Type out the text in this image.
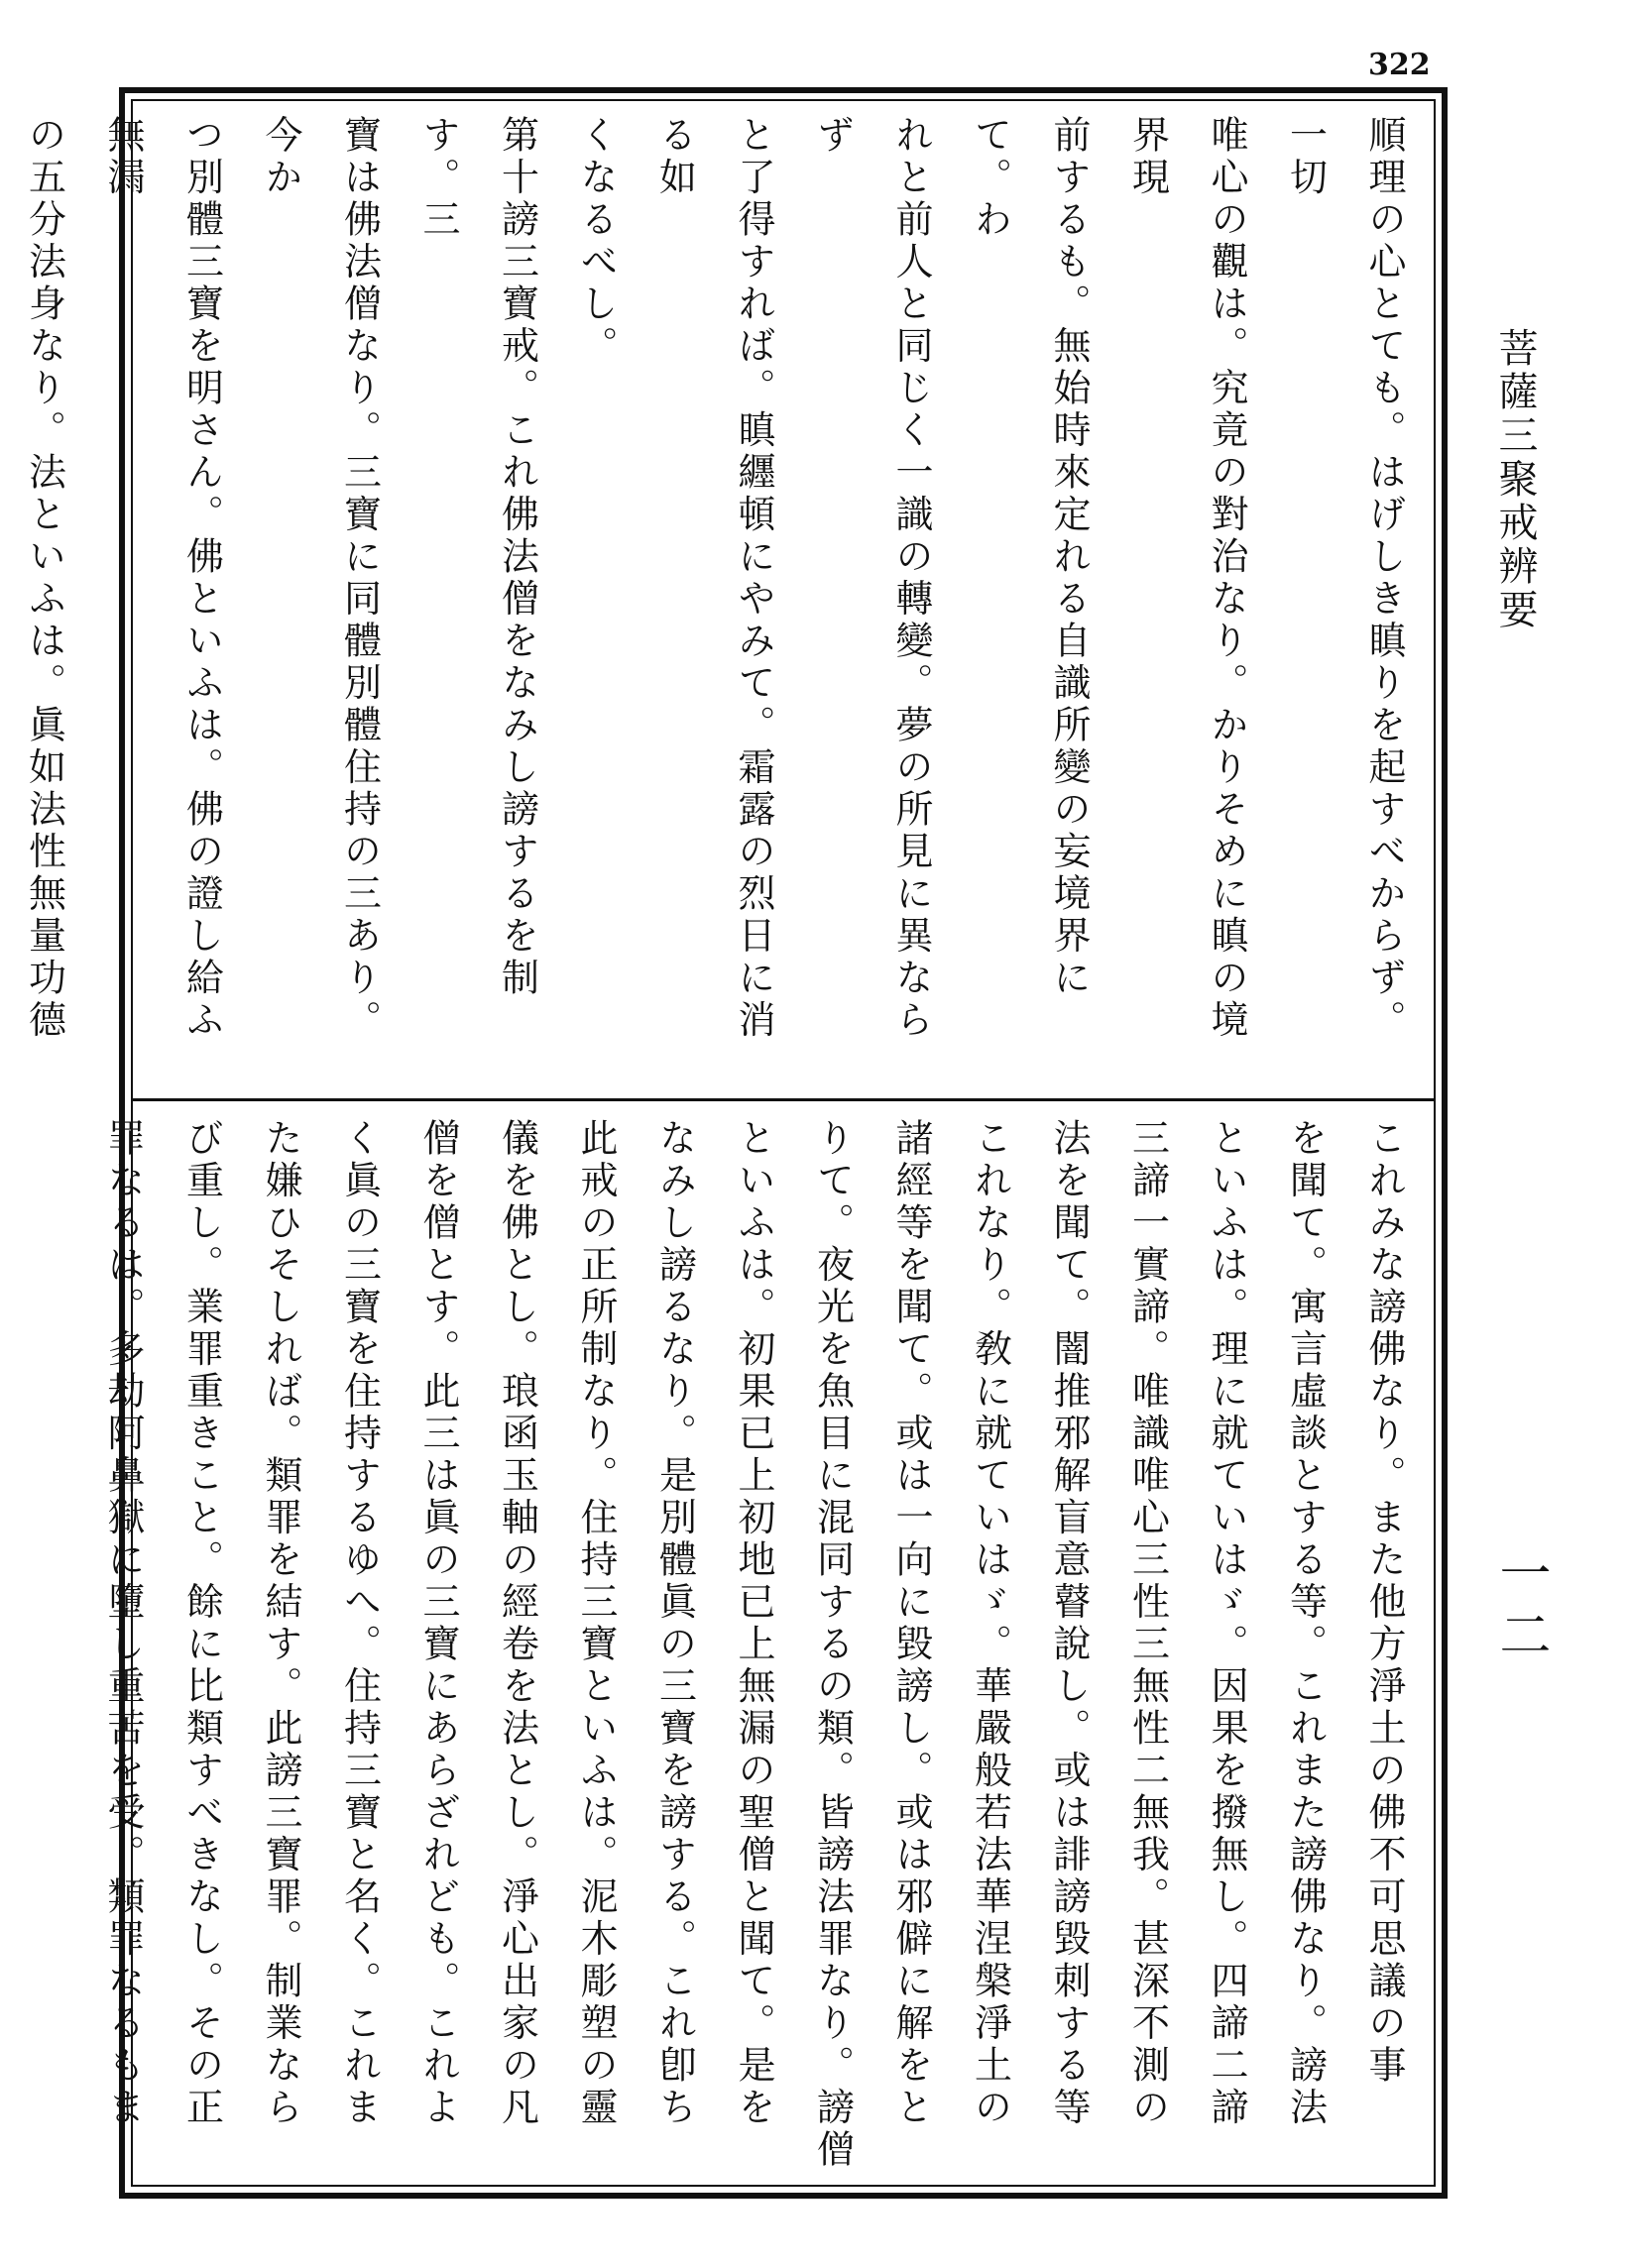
322
菩薩三聚戒辨要
一二
順理の心とても。はげしき瞋りを起すべからず。一切
唯心の觀は。究竟の對治なり。かりそめに瞋の境界現
前するも。無始時來定れる自識所變の妄境界にて。わ
れと前人と同じく一識の轉變。夢の所見に異ならず
と了得すれば。瞋纒頓にやみて。霜露の烈日に消る如
くなるべし。
第十謗三寶戒。これ佛法僧をなみし謗するを制す。三
寶は佛法僧なり。三寶に同體別體住持の三あり。今か
つ別體三寶を明さん。佛といふは。佛の證し給ふ無漏
の五分法身なり。法といふは。眞如法性無量功德
これみな謗佛なり。また他方淨土の佛不可思議の事
を聞て。寓言虛談とする等。これまた謗佛なり。謗法
といふは。理に就ていはゞ。因果を撥無し。四諦二諦
三諦一實諦。唯識唯心三性三無性二無我。甚深不測の
法を聞て。闇推邪解盲意瞽說し。或は誹謗毀刺する等
これなり。敎に就ていはゞ。華嚴般若法華涅槃淨土の
諸經等を聞て。或は一向に毀謗し。或は邪僻に解をと
りて。夜光を魚目に混同するの類。皆謗法罪なり。謗僧
といふは。初果已上初地已上無漏の聖僧と聞て。是を
なみし謗るなり。是別體眞の三寶を謗する。これ卽ち
此戒の正所制なり。住持三寶といふは。泥木彫塑の靈
儀を佛とし。琅函玉軸の經卷を法とし。淨心出家の凡
僧を僧とす。此三は眞の三寶にあらざれども。これよ
く眞の三寶を住持するゆへ。住持三寶と名く。これま
た嫌ひそしれば。類罪を結す。此謗三寶罪。制業なら
び重し。業罪重きこと。餘に比類すべきなし。その正
罪なるは。多劫阿鼻獄に墮し重苦を受。類罪なるもま
